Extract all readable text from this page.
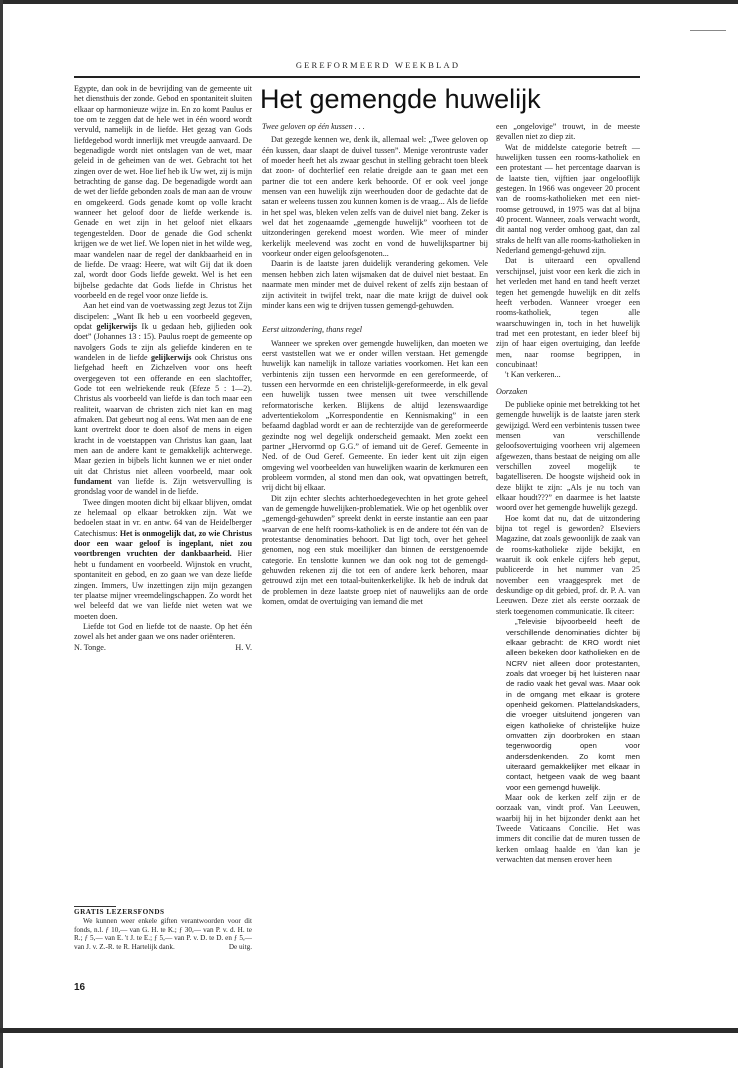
GEREFORMEERD WEEKBLAD

Egypte, dan ook in de bevrijding van de gemeente uit het diensthuis der zonde. Gebod en spontaniteit sluiten elkaar op harmonieuze wijze in. En zo komt Paulus er toe om te zeggen dat de hele wet in één woord wordt vervuld, namelijk in de liefde. Het gezag van Gods liefdegebod wordt innerlijk met vreugde aanvaard. De begenadigde wordt niet ontslagen van de wet, maar geleid in de geheimen van de wet. Gebracht tot het zingen over de wet. Hoe lief heb ik Uw wet, zij is mijn betrachting de ganse dag. De begenadigde wordt aan de wet der liefde gebonden zoals de man aan de vrouw en omgekeerd. Gods genade komt op volle kracht wanneer het geloof door de liefde werkende is. Genade en wet zijn in het geloof niet elkaars tegengestelden. Door de genade die God schenkt krijgen we de wet lief. We lopen niet in het wilde weg, maar wandelen naar de regel der dankbaarheid en in de liefde. De vraag: Heere, wat wilt Gij dat ik doen zal, wordt door Gods liefde gewekt. Wel is het een bijbelse gedachte dat Gods liefde in Christus het voorbeeld en de regel voor onze liefde is.

Aan het eind van de voetwassing zegt Jezus tot Zijn discipelen: „Want Ik heb u een voorbeeld gegeven, opdat gelijkerwijs Ik u gedaan heb, gijlieden ook doet” (Johannes 13 : 15). Paulus roept de gemeente op navolgers Gods te zijn als geliefde kinderen en te wandelen in de liefde gelijkerwijs ook Christus ons liefgehad heeft en Zichzelven voor ons heeft overgegeven tot een offerande en een slachtoffer, Gode tot een welriekende reuk (Efeze 5 : 1—2). Christus als voorbeeld van liefde is dan toch maar een realiteit, waarvan de christen zich niet kan en mag afmaken. Dat gebeurt nog al eens. Wat men aan de ene kant overtrekt door te doen alsof de mens in eigen kracht in de voetstappen van Christus kan gaan, laat men aan de andere kant te gemakkelijk achterwege. Maar gezien in bijbels licht kunnen we er niet onder uit dat Christus niet alleen voorbeeld, maar ook fundament van liefde is. Zijn wetsvervulling is grondslag voor de wandel in de liefde.

Twee dingen mooten dicht bij elkaar blijven, omdat ze helemaal op elkaar betrokken zijn. Wat we bedoelen staat in vr. en antw. 64 van de Heidelberger Catechismus: Het is onmogelijk dat, zo wie Christus door een waar geloof is ingeplant, niet zou voortbrengen vruchten der dankbaarheid. Hier hebt u fundament en voorbeeld. Wijnstok en vrucht, spontaniteit en gebod, en zo gaan we van deze liefde zingen. Immers, Uw inzettingen zijn mijn gezangen ter plaatse mijner vreemdelingschappen. Zo wordt het wel beleefd dat we van liefde niet weten wat we moeten doen.

Liefde tot God en liefde tot de naaste. Op het één zowel als het ander gaan we ons nader oriënteren.

N. Tonge.	H. V.
GRATIS LEZERSFONDS

We kunnen weer enkele giften verantwoorden voor dit fonds, n.l. ƒ 10,— van G. H. te K.; ƒ 30,— van P. v. d. H. te R.; ƒ 5,— van E. 't J. te E.; ƒ 5,— van P. v. D. te D. en ƒ 5,— van J. v. Z.-R. te R. Hartelijk dank.	De uitg.

Het gemengde huwelijk

Twee geloven op één kussen . . .

Dat gezegde kennen we, denk ik, allemaal wel: „Twee geloven op één kussen, daar slaapt de duivel tussen”. Menige verontruste vader of moeder heeft het als zwaar geschut in stelling gebracht toen bleek dat zoon- of dochterlief een relatie dreigde aan te gaan met een partner die tot een andere kerk behoorde. Of er ook veel jonge mensen van een huwelijk zijn weerhouden door de gedachte dat de satan er weleens tussen zou kunnen komen is de vraag... Als de liefde in het spel was, bleken velen zelfs van de duivel niet bang. Zeker is wel dat het zogenaamde „gemengde huwelijk” voorheen tot de uitzonderingen gerekend moest worden. Wie meer of minder kerkelijk meelevend was zocht en vond de huwelijkspartner bij voorkeur onder eigen geloofsgenoten...

Daarin is de laatste jaren duidelijk verandering gekomen. Vele mensen hebben zich laten wijsmaken dat de duivel niet bestaat. En naarmate men minder met de duivel rekent of zelfs zijn bestaan of zijn activiteit in twijfel trekt, naar die mate krijgt de duivel ook minder kans een wig te drijven tussen gemengd-gehuwden.

Eerst uitzondering, thans regel

Wanneer we spreken over gemengde huwelijken, dan moeten we eerst vaststellen wat we er onder willen verstaan. Het gemengde huwelijk kan namelijk in talloze variaties voorkomen. Het kan een verbintenis zijn tussen een hervormde en een gereformeerde, of tussen een hervormde en een christelijk-gereformeerde, in elk geval een huwelijk tussen twee mensen uit twee verschillende reformatorische kerken. Blijkens de altijd lezenswaardige advertentiekolom „Korrespondentie en Kennismaking” in een befaamd dagblad wordt er aan de rechterzijde van de gereformeerde gezindte nog wel degelijk onderscheid gemaakt. Men zoekt een partner „Hervormd op G.G.” of iemand uit de Geref. Gemeente in Ned. of de Oud Geref. Gemeente. En ieder kent uit zijn eigen omgeving wel voorbeelden van huwelijken waarin de kerkmuren een probleem vormden, al stond men dan ook, wat opvattingen betreft, vrij dicht bij elkaar.

Dit zijn echter slechts achterhoedegevechten in het grote geheel van de gemengde huwelijken-problematiek. Wie op het ogenblik over „gemengd-gehuwden” spreekt denkt in eerste instantie aan een paar waarvan de ene helft rooms-katholiek is en de andere tot één van de protestantse denominaties behoort. Dat ligt toch, over het geheel genomen, nog een stuk moeilijker dan binnen de eerstgenoemde categorie. En tenslotte kunnen we dan ook nog tot de gemengd-gehuwden rekenen zij die tot een of andere kerk behoren, maar getrouwd zijn met een totaal-buitenkerkelijke. Ik heb de indruk dat de problemen in deze laatste groep niet of nauwelijks aan de orde komen, omdat de overtuiging van iemand die met

een „ongelovige” trouwt, in de meeste gevallen niet zo diep zit.

Wat de middelste categorie betreft — huwelijken tussen een rooms-katholiek en een protestant — het percentage daarvan is de laatste tien, vijftien jaar ongelooflijk gestegen. In 1966 was ongeveer 20 procent van de rooms-katholieken met een niet-roomse getrouwd, in 1975 was dat al bijna 40 procent. Wanneer, zoals verwacht wordt, dit aantal nog verder omhoog gaat, dan zal straks de helft van alle rooms-katholieken in Nederland gemengd-gehuwd zijn.

Dat is uiteraard een opvallend verschijnsel, juist voor een kerk die zich in het verleden met hand en tand heeft verzet tegen het gemengde huwelijk en dit zelfs heeft verboden. Wanneer vroeger een rooms-katholiek, tegen alle waarschuwingen in, toch in het huwelijk trad met een protestant, en ieder bleef bij zijn of haar eigen overtuiging, dan leefde men, naar roomse begrippen, in concubinaat!

't Kan verkeren...

Oorzaken

De publieke opinie met betrekking tot het gemengde huwelijk is de laatste jaren sterk gewijzigd. Werd een verbintenis tussen twee mensen van verschillende geloofsovertuiging voorheen vrij algemeen afgewezen, thans bestaat de neiging om alle verschillen zoveel mogelijk te bagatelliseren. De hoogste wijsheid ook in deze blijkt te zijn: „Als je nu toch van elkaar houdt???” en daarmee is het laatste woord over het gemengde huwelijk gezegd.

Hoe komt dat nu, dat de uitzondering bijna tot regel is geworden? Elseviers Magazine, dat zoals gewoonlijk de zaak van de rooms-katholieke zijde bekijkt, en waaruit ik ook enkele cijfers heb geput, publiceerde in het nummer van 25 november een vraaggesprek met de deskundige op dit gebied, prof. dr. P. A. van Leeuwen. Deze ziet als eerste oorzaak de sterk toegenomen communicatie. Ik citeer:

„Televisie bijvoorbeeld heeft de verschillende denominaties dichter bij elkaar gebracht: de KRO wordt niet alleen bekeken door katholieken en de NCRV niet alleen door protestanten, zoals dat vroeger bij het luisteren naar de radio vaak het geval was. Maar ook in de omgang met elkaar is grotere openheid gekomen. Plattelandskaders, die vroeger uitsluitend jongeren van eigen katholieke of christelijke huize omvatten zijn doorbroken en staan tegenwoordig open voor andersdenkenden. Zo komt men uiteraard gemakkelijker met elkaar in contact, hetgeen vaak de weg baant voor een gemengd huwelijk.

Maar ook de kerken zelf zijn er de oorzaak van, vindt prof. Van Leeuwen, waarbij hij in het bijzonder denkt aan het Tweede Vaticaans Concilie. Het was immers dit concilie dat de muren tussen de kerken omlaag haalde en 'dan kan je verwachten dat mensen erover heen

16
